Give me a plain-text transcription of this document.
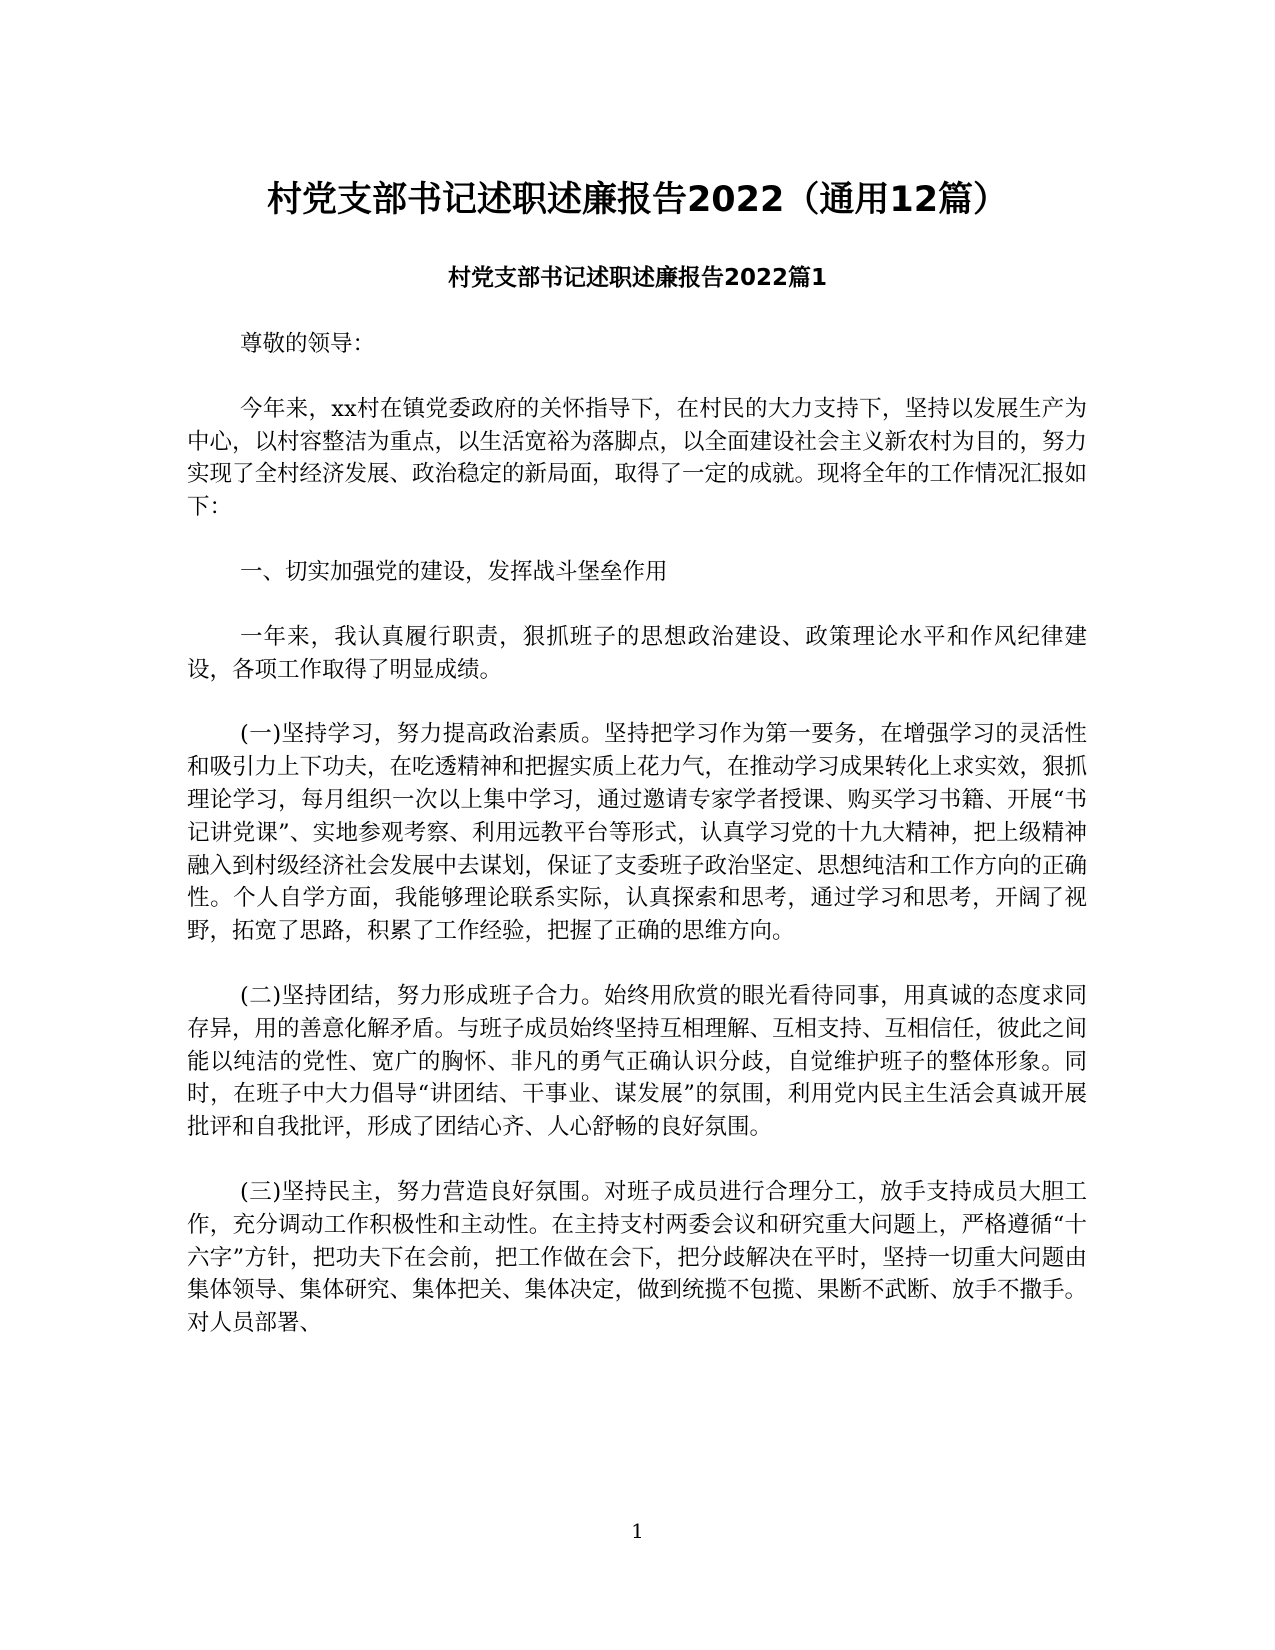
村党支部书记述职述廉报告2022（通用12篇）
村党支部书记述职述廉报告2022篇1

尊敬的领导：

今年来，xx村在镇党委政府的关怀指导下，在村民的大力支持下，坚持以发展生产为中心，以村容整洁为重点，以生活宽裕为落脚点，以全面建设社会主义新农村为目的，努力实现了全村经济发展、政治稳定的新局面，取得了一定的成就。现将全年的工作情况汇报如下：

一、切实加强党的建设，发挥战斗堡垒作用

一年来，我认真履行职责，狠抓班子的思想政治建设、政策理论水平和作风纪律建设，各项工作取得了明显成绩。

(一)坚持学习，努力提高政治素质。坚持把学习作为第一要务，在增强学习的灵活性和吸引力上下功夫，在吃透精神和把握实质上花力气，在推动学习成果转化上求实效，狠抓理论学习，每月组织一次以上集中学习，通过邀请专家学者授课、购买学习书籍、开展“书记讲党课”、实地参观考察、利用远教平台等形式，认真学习党的十九大精神，把上级精神融入到村级经济社会发展中去谋划，保证了支委班子政治坚定、思想纯洁和工作方向的正确性。个人自学方面，我能够理论联系实际，认真探索和思考，通过学习和思考，开阔了视野，拓宽了思路，积累了工作经验，把握了正确的思维方向。

(二)坚持团结，努力形成班子合力。始终用欣赏的眼光看待同事，用真诚的态度求同存异，用的善意化解矛盾。与班子成员始终坚持互相理解、互相支持、互相信任，彼此之间能以纯洁的党性、宽广的胸怀、非凡的勇气正确认识分歧，自觉维护班子的整体形象。同时，在班子中大力倡导“讲团结、干事业、谋发展”的氛围，利用党内民主生活会真诚开展批评和自我批评，形成了团结心齐、人心舒畅的良好氛围。

(三)坚持民主，努力营造良好氛围。对班子成员进行合理分工，放手支持成员大胆工作，充分调动工作积极性和主动性。在主持支村两委会议和研究重大问题上，严格遵循“十六字”方针，把功夫下在会前，把工作做在会下，把分歧解决在平时，坚持一切重大问题由集体领导、集体研究、集体把关、集体决定，做到统揽不包揽、果断不武断、放手不撒手。对人员部署、

1
